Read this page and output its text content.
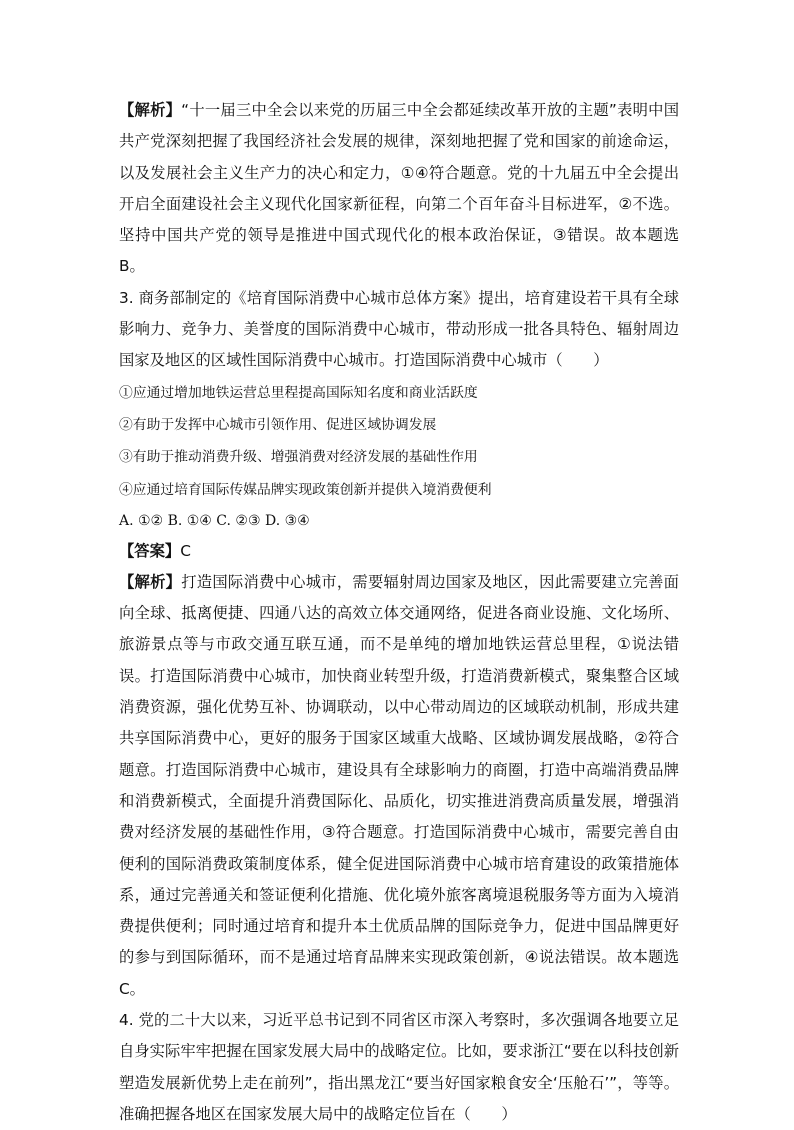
【解析】“十一届三中全会以来党的历届三中全会都延续改革开放的主题”表明中国共产党深刻把握了我国经济社会发展的规律，深刻地把握了党和国家的前途命运，以及发展社会主义生产力的决心和定力，①④符合题意。党的十九届五中全会提出开启全面建设社会主义现代化国家新征程，向第二个百年奋斗目标进军，②不选。坚持中国共产党的领导是推进中国式现代化的根本政治保证，③错误。故本题选 B。

3. 商务部制定的《培育国际消费中心城市总体方案》提出，培育建设若干具有全球影响力、竞争力、美誉度的国际消费中心城市，带动形成一批各具特色、辐射周边国家及地区的区域性国际消费中心城市。打造国际消费中心城市（　　）

①应通过增加地铁运营总里程提高国际知名度和商业活跃度

②有助于发挥中心城市引领作用、促进区域协调发展

③有助于推动消费升级、增强消费对经济发展的基础性作用

④应通过培育国际传媒品牌实现政策创新并提供入境消费便利

A. ①② B. ①④ C. ②③ D. ③④

【答案】C

【解析】打造国际消费中心城市，需要辐射周边国家及地区，因此需要建立完善面向全球、抵离便捷、四通八达的高效立体交通网络，促进各商业设施、文化场所、旅游景点等与市政交通互联互通，而不是单纯的增加地铁运营总里程，①说法错误。打造国际消费中心城市，加快商业转型升级，打造消费新模式，聚集整合区域消费资源，强化优势互补、协调联动，以中心带动周边的区域联动机制，形成共建共享国际消费中心，更好的服务于国家区域重大战略、区域协调发展战略，②符合题意。打造国际消费中心城市，建设具有全球影响力的商圈，打造中高端消费品牌和消费新模式，全面提升消费国际化、品质化，切实推进消费高质量发展，增强消费对经济发展的基础性作用，③符合题意。打造国际消费中心城市，需要完善自由便利的国际消费政策制度体系，健全促进国际消费中心城市培育建设的政策措施体系，通过完善通关和签证便利化措施、优化境外旅客离境退税服务等方面为入境消费提供便利；同时通过培育和提升本土优质品牌的国际竞争力，促进中国品牌更好的参与到国际循环，而不是通过培育品牌来实现政策创新，④说法错误。故本题选 C。

4. 党的二十大以来，习近平总书记到不同省区市深入考察时，多次强调各地要立足自身实际牢牢把握在国家发展大局中的战略定位。比如，要求浙江“要在以科技创新塑造发展新优势上走在前列”，指出黑龙江“要当好国家粮食安全‘压舱石’”，等等。准确把握各地区在国家发展大局中的战略定位旨在（　　）
